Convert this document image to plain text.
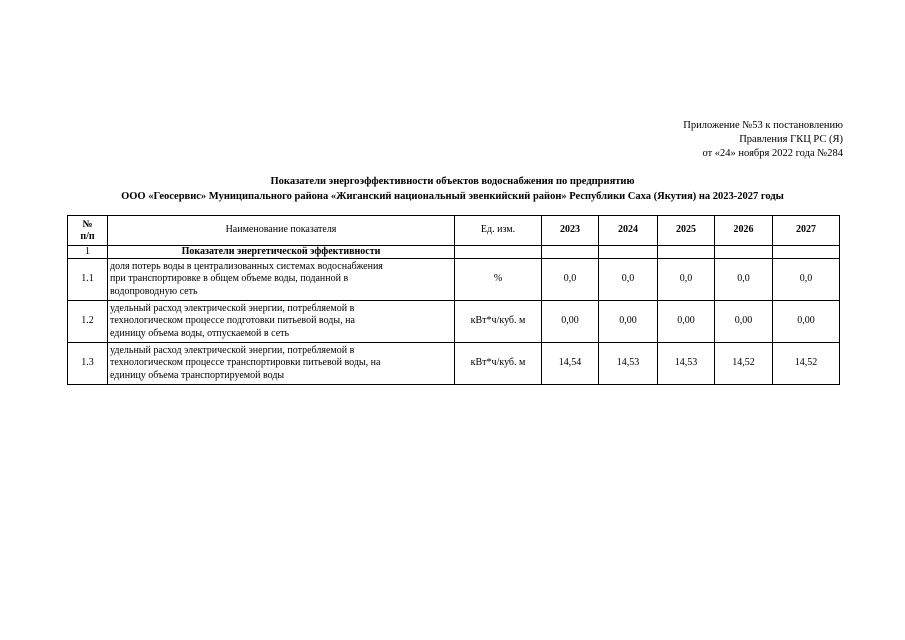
Приложение №53 к постановлению
Правления ГКЦ РС (Я)
от «24» ноября 2022 года №284
Показатели энергоэффективности объектов водоснабжения по предприятию
ООО «Геосервис» Муниципального района «Жиганский национальный эвенкийский район» Республики Саха (Якутия) на 2023-2027 годы
№
п/п	Наименование показателя	Ед. изм.	2023	2024	2025	2026	2027
1	Показатели энергетической эффективности						
1.1	доля потерь воды в централизованных системах водоснабжения
при транспортировке в общем объеме воды, поданной в
водопроводную сеть	%	0,0	0,0	0,0	0,0	0,0
1.2	удельный расход электрической энергии, потребляемой в
технологическом процессе подготовки питьевой воды, на
единицу объема воды, отпускаемой в сеть	кВт*ч/куб. м	0,00	0,00	0,00	0,00	0,00
1.3	удельный расход электрической энергии, потребляемой в
технологическом процессе транспортировки питьевой воды, на
единицу объема транспортируемой воды	кВт*ч/куб. м	14,54	14,53	14,53	14,52	14,52
